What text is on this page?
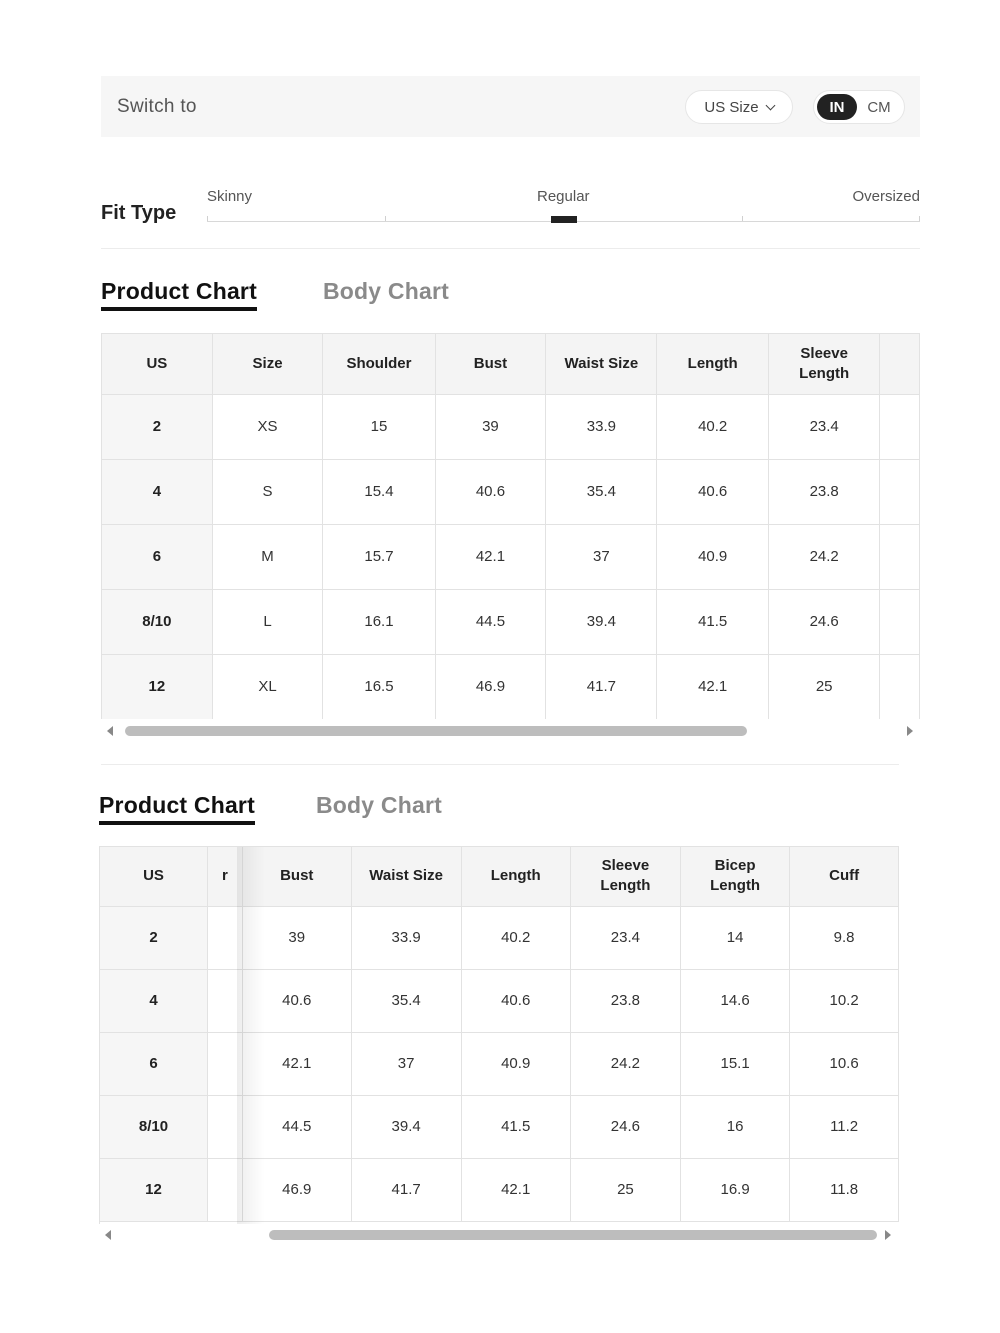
Switch to	US Size	IN	CM
Fit Type
Skinny	Regular	Oversized
Product Chart	Body Chart
US	Size	Shoulder	Bust	Waist Size	Length	Sleeve Length	
2	XS	15	39	33.9	40.2	23.4	
4	S	15.4	40.6	35.4	40.6	23.8	
6	M	15.7	42.1	37	40.9	24.2	
8/10	L	16.1	44.5	39.4	41.5	24.6	
12	XL	16.5	46.9	41.7	42.1	25	
Product Chart	Body Chart
US	r	Bust	Waist Size	Length	Sleeve Length	Bicep Length	Cuff
2		39	33.9	40.2	23.4	14	9.8
4		40.6	35.4	40.6	23.8	14.6	10.2
6		42.1	37	40.9	24.2	15.1	10.6
8/10		44.5	39.4	41.5	24.6	16	11.2
12		46.9	41.7	42.1	25	16.9	11.8
